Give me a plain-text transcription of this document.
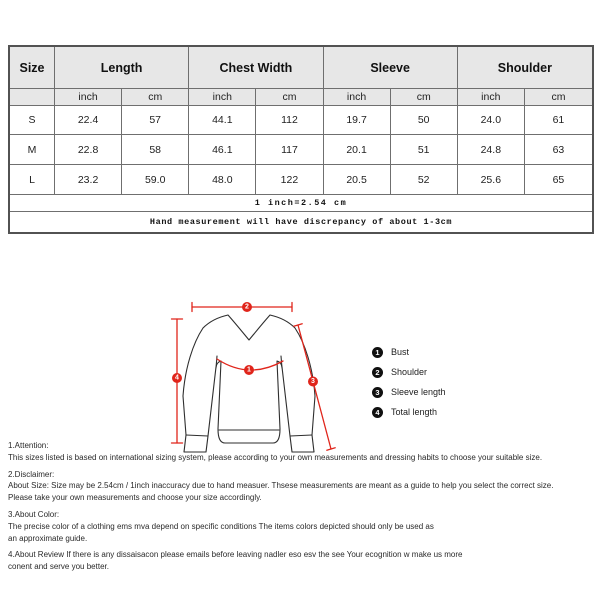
Size	Length	Chest Width	Sleeve	Shoulder
inch	cm	inch	cm	inch	cm	inch	cm
S	22.4	57	44.1	112	19.7	50	24.0	61
M	22.8	58	46.1	117	20.1	51	24.8	63
L	23.2	59.0	48.0	122	20.5	52	25.6	65
1 inch=2.54 cm
Hand measurement will have discrepancy of about 1-3cm
2
4	3
1
1	Bust
2	Shoulder
3	Sleeve length
4	Total length
1.Attention:
This sizes listed is based on international sizing system, please according to your own measurements and dressing habits to choose your suitable size.
2.Disclaimer:
About Size: Size may be 2.54cm / 1inch inaccuracy due to hand measuer. Thsese measurements are meant as a guide to help you select the correct size.
Please take your own measurements and choose your size accordingly.
3.About Color:
The precise color of a clothing ems mva depend on specific conditions The items colors depicted should only be used as
an approximate guide.
4.About Review If there is any dissaisacon please emails before leaving nadler eso esv the see Your ecognition w make us more
conent and serve you better.
